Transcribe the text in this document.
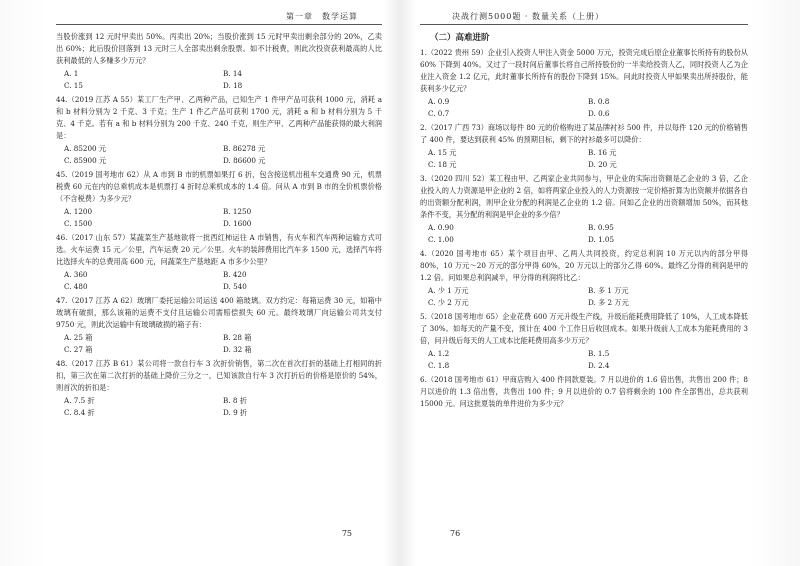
第一章　数学运算

当股价涨到 12 元时甲卖出 50%。丙卖出 20%；当股价涨到 15 元时甲卖出剩余部分的 20%，乙卖出 60%；此后股价回落到 13 元时三人全部卖出剩余股票。如不计税费，则此次投资获利最高的人比获利最低的人多赚多少万元？

A. 1	B. 14
C. 15	D. 18

44.（2019 江苏 A 55）某工厂生产甲、乙两种产品，已知生产 1 件甲产品可获利 1000 元，消耗 a 和 b 材料分别为 2 千克、3 千克；生产 1 件乙产品可获利 1700 元，消耗 a 和 b 材料分别为 5 千克、4 千克。若有 a 和 b 材料分别为 200 千克、240 千克，则生产甲、乙两种产品能获得的最大利润是：

A. 85200 元	B. 86278 元
C. 85900 元	D. 86600 元

45.（2019 国考地市 62）从 A 市到 B 市的机票如果打 6 折，包含接送机出租车交通费 90 元，机票税费 60 元在内的总乘机成本是机票打 4 折时总乘机成本的 1.4 倍。问从 A 市到 B 市的全价机票价格（不含税费）为多少元？

A. 1200	B. 1250
C. 1500	D. 1600

46.（2017 山东 57）某蔬菜生产基地欲将一批西红柿运往 A 市销售，有火车和汽车两种运输方式可选。火车运费 15 元／公里，汽车运费 20 元／公里。火车的装卸费用比汽车多 1500 元，选择汽车将比选择火车的总费用高 600 元，问蔬菜生产基地距 A 市多少公里？

A. 360	B. 420
C. 480	D. 540

47.（2017 江苏 A 62）玻璃厂委托运输公司运送 400 箱玻璃。双方约定：每箱运费 30 元，如箱中玻璃有破损，那么该箱的运费不支付且运输公司需赔偿损失 60 元。最终玻璃厂向运输公司共支付 9750 元，则此次运输中有玻璃破损的箱子有：

A. 25 箱	B. 28 箱
C. 27 箱	D. 32 箱

48.（2017 江苏 B 61）某公司将一款自行车 3 次折价销售，第二次在首次打折的基础上打相同的折扣，第三次在第二次打折的基础上降价三分之一，已知该款自行车 3 次打折后的价格是原价的 54%，则首次的折扣是：

A. 7.5 折	B. 8 折
C. 8.4 折	D. 9 折
75
决战行测5000题 · 数量关系（上册）
（二）高难进阶

1.（2022 贵州 59）企业引入投资人甲注入资金 5000 万元，投资完成后原企业董事长所持有的股份从 60% 下降到 40%。又过了一段时间后董事长将自己所持股份的一半卖给投资人乙，同时投资人乙为企业注入资金 1.2 亿元，此时董事长所持有的股份下降到 15%。问此时投资人甲如果卖出所持股份，能获利多少亿元？

A. 0.9	B. 0.8
C. 0.7	D. 0.6

2.（2017 广西 73）商场以每件 80 元的价格购进了某品牌衬衫 500 件，并以每件 120 元的价格销售了 400 件，要达到获利 45% 的预期目标，剩下的衬衫最多可以降价：

A. 15 元	B. 16 元
C. 18 元	D. 20 元

3.（2020 四川 52）某工程由甲、乙两家企业共同参与，甲企业的实际出资额是乙企业的 3 倍，乙企业投入的人力资源是甲企业的 2 倍，如将两家企业投入的人力资源按一定价格折算为出资额并依据各自的出资额分配利润，则甲企业分配的利润是乙企业的 1.2 倍。问如乙企业的出资额增加 50%，而其他条件不变，其分配的利润是甲企业的多少倍？

A. 0.90	B. 0.95
C. 1.00	D. 1.05

4.（2020 国考地市 65）某个项目由甲、乙两人共同投资，约定总利润 10 万元以内的部分甲得 80%，10 万元～20 万元的部分甲得 60%，20 万元以上的部分乙得 60%。最终乙分得的利润是甲的 1.2 倍。问如果总利润减半，甲分得的利润将比乙：

A. 少 1 万元	B. 多 1 万元
C. 少 2 万元	D. 多 2 万元

5.（2018 国考地市 65）企业花费 600 万元升级生产线，升级后能耗费用降低了 10%，人工成本降低了 30%。如每天的产量不变，预计在 400 个工作日后收回成本。如果升级前人工成本为能耗费用的 3 倍，问升级后每天的人工成本比能耗费用高多少万元？

A. 1.2	B. 1.5
C. 1.8	D. 2.4

6.（2018 国考地市 61）甲商店购入 400 件同款夏装。7 月以进价的 1.6 倍出售，共售出 200 件；8 月以进价的 1.3 倍出售，共售出 100 件；9 月以进价的 0.7 倍将剩余的 100 件全部售出，总共获利 15000 元。问这批夏装的单件进价为多少元？

76
